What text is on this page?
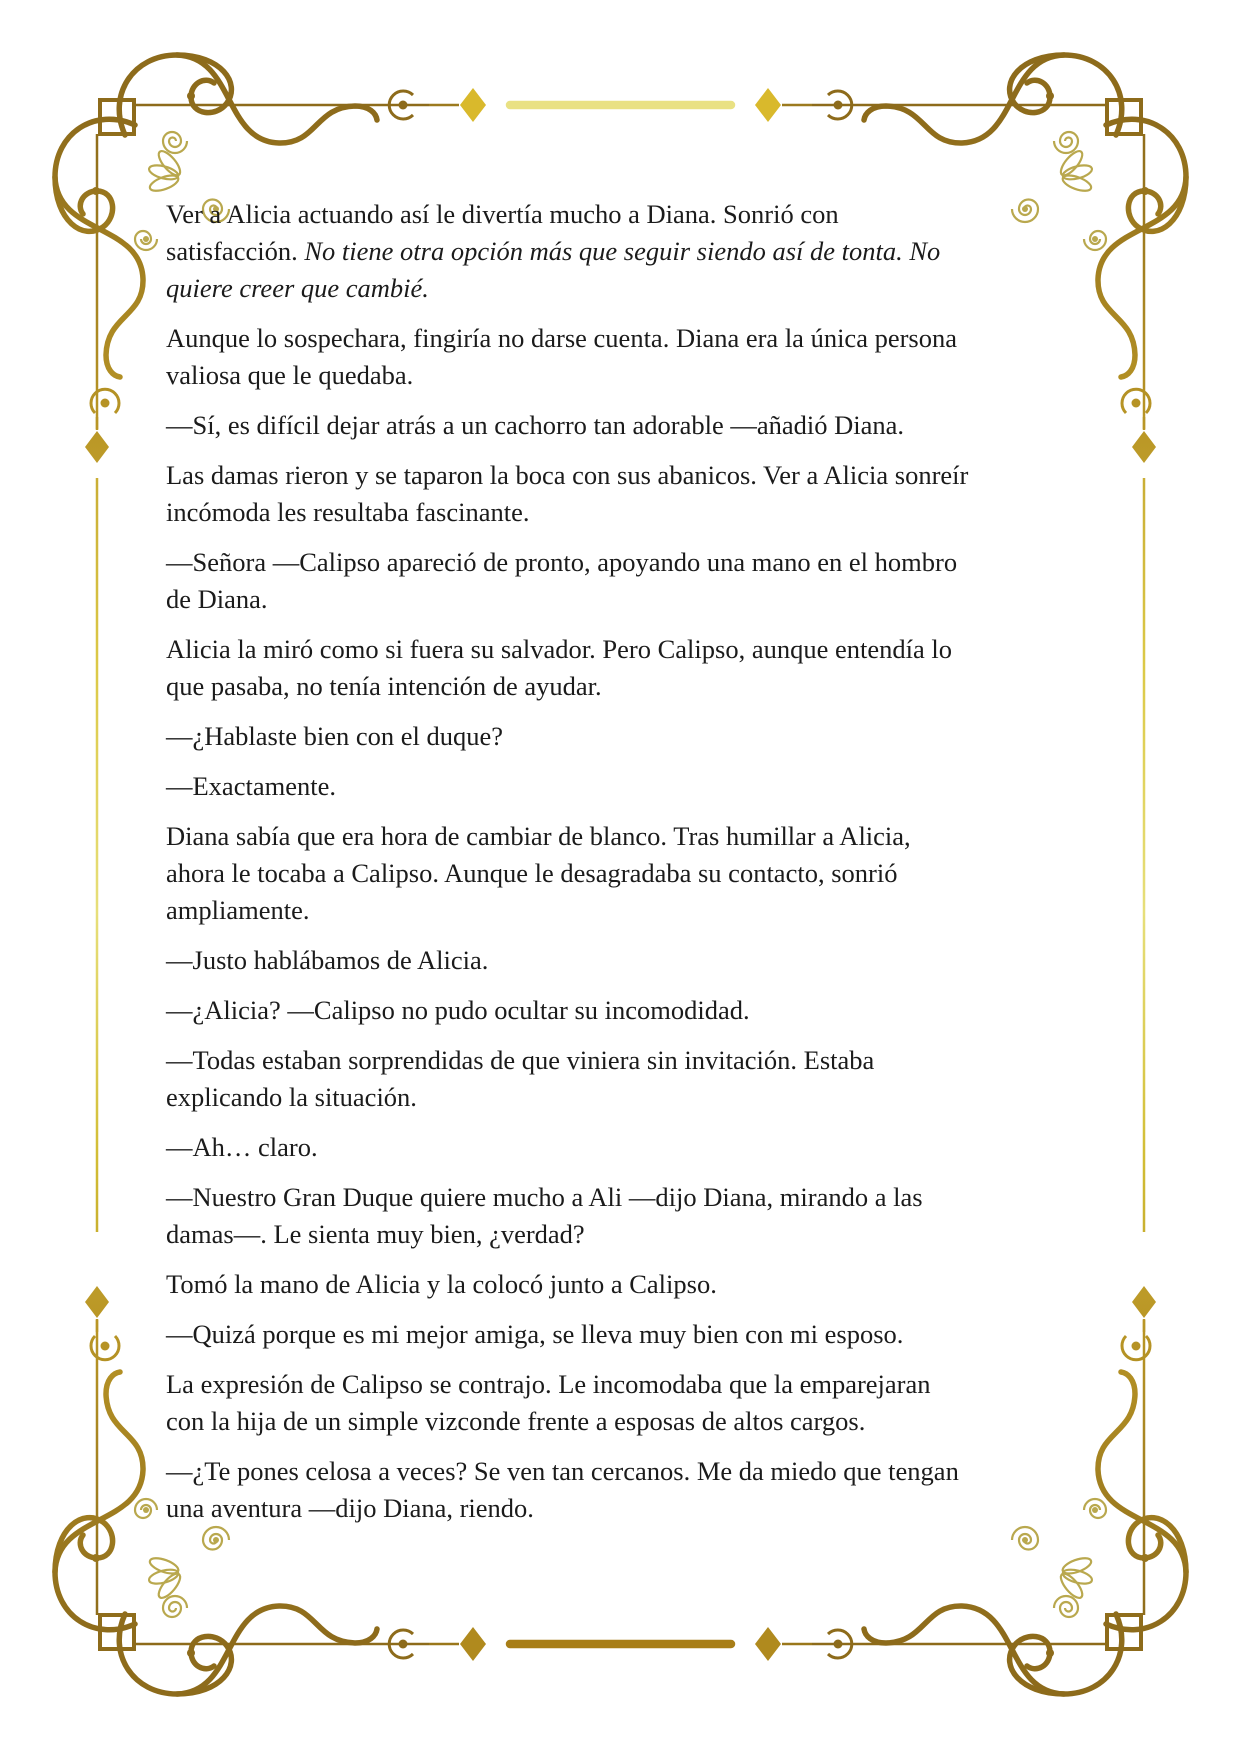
Ver a Alicia actuando así le divertía mucho a Diana. Sonrió con
satisfacción. No tiene otra opción más que seguir siendo así de tonta. No
quiere creer que cambié.

Aunque lo sospechara, fingiría no darse cuenta. Diana era la única persona
valiosa que le quedaba.

—Sí, es difícil dejar atrás a un cachorro tan adorable —añadió Diana.

Las damas rieron y se taparon la boca con sus abanicos. Ver a Alicia sonreír
incómoda les resultaba fascinante.

—Señora —Calipso apareció de pronto, apoyando una mano en el hombro
de Diana.

Alicia la miró como si fuera su salvador. Pero Calipso, aunque entendía lo
que pasaba, no tenía intención de ayudar.

—¿Hablaste bien con el duque?

—Exactamente.

Diana sabía que era hora de cambiar de blanco. Tras humillar a Alicia,
ahora le tocaba a Calipso. Aunque le desagradaba su contacto, sonrió
ampliamente.

—Justo hablábamos de Alicia.

—¿Alicia? —Calipso no pudo ocultar su incomodidad.

—Todas estaban sorprendidas de que viniera sin invitación. Estaba
explicando la situación.

—Ah… claro.

—Nuestro Gran Duque quiere mucho a Ali —dijo Diana, mirando a las
damas—. Le sienta muy bien, ¿verdad?

Tomó la mano de Alicia y la colocó junto a Calipso.

—Quizá porque es mi mejor amiga, se lleva muy bien con mi esposo.

La expresión de Calipso se contrajo. Le incomodaba que la emparejaran
con la hija de un simple vizconde frente a esposas de altos cargos.

—¿Te pones celosa a veces? Se ven tan cercanos. Me da miedo que tengan
una aventura —dijo Diana, riendo.
